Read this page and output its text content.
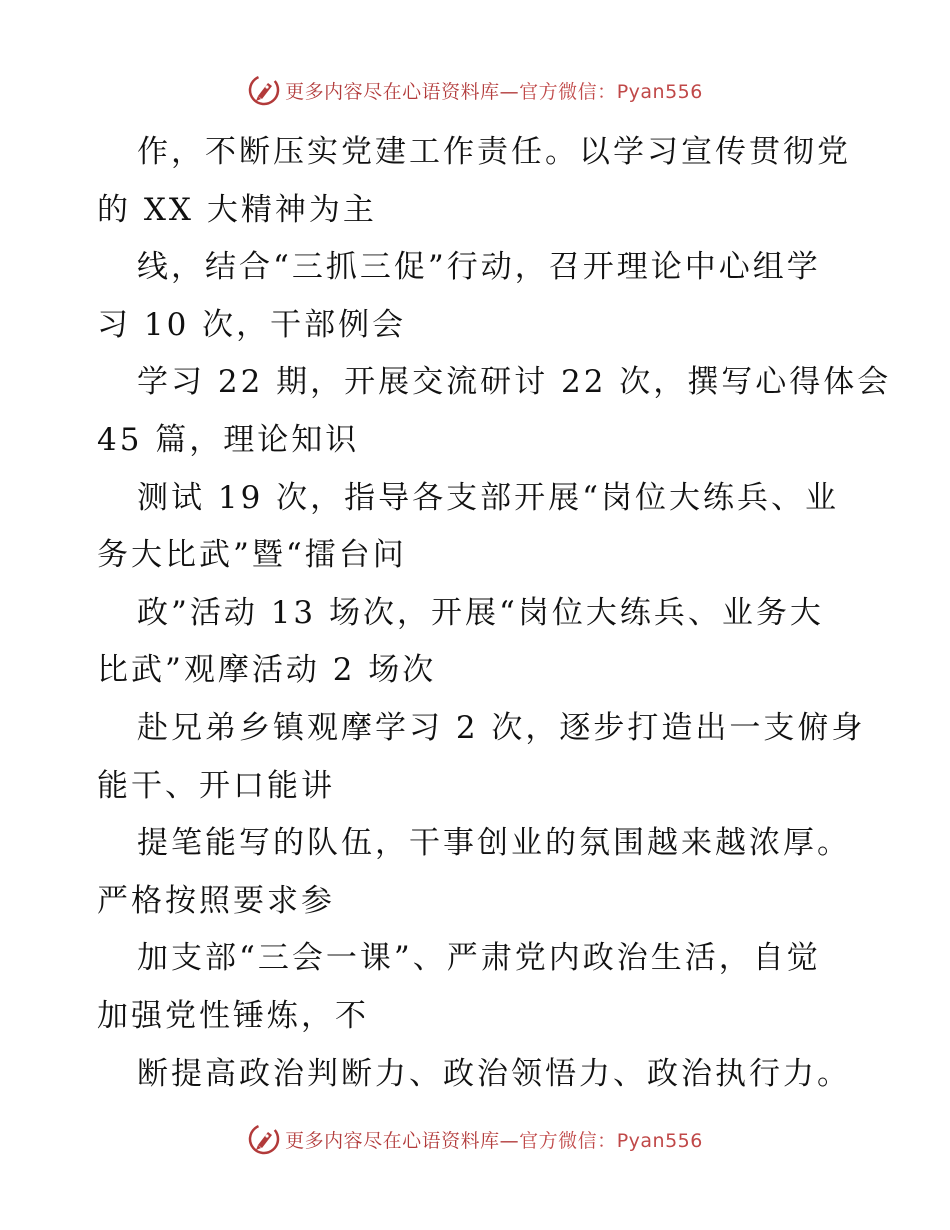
更多内容尽在心语资料库—官方微信：Pyan556
作，不断压实党建工作责任。以学习宣传贯彻党
的 XX 大精神为主
线，结合“三抓三促”行动，召开理论中心组学
习 10 次，干部例会
学习 22 期，开展交流研讨 22 次，撰写心得体会
45 篇，理论知识
测试 19 次，指导各支部开展“岗位大练兵、业
务大比武”暨“擂台问
政”活动 13 场次，开展“岗位大练兵、业务大
比武”观摩活动 2 场次
赴兄弟乡镇观摩学习 2 次，逐步打造出一支俯身
能干、开口能讲
提笔能写的队伍，干事创业的氛围越来越浓厚。
严格按照要求参
加支部“三会一课”、严肃党内政治生活，自觉
加强党性锤炼，不
断提高政治判断力、政治领悟力、政治执行力。
更多内容尽在心语资料库—官方微信：Pyan556
